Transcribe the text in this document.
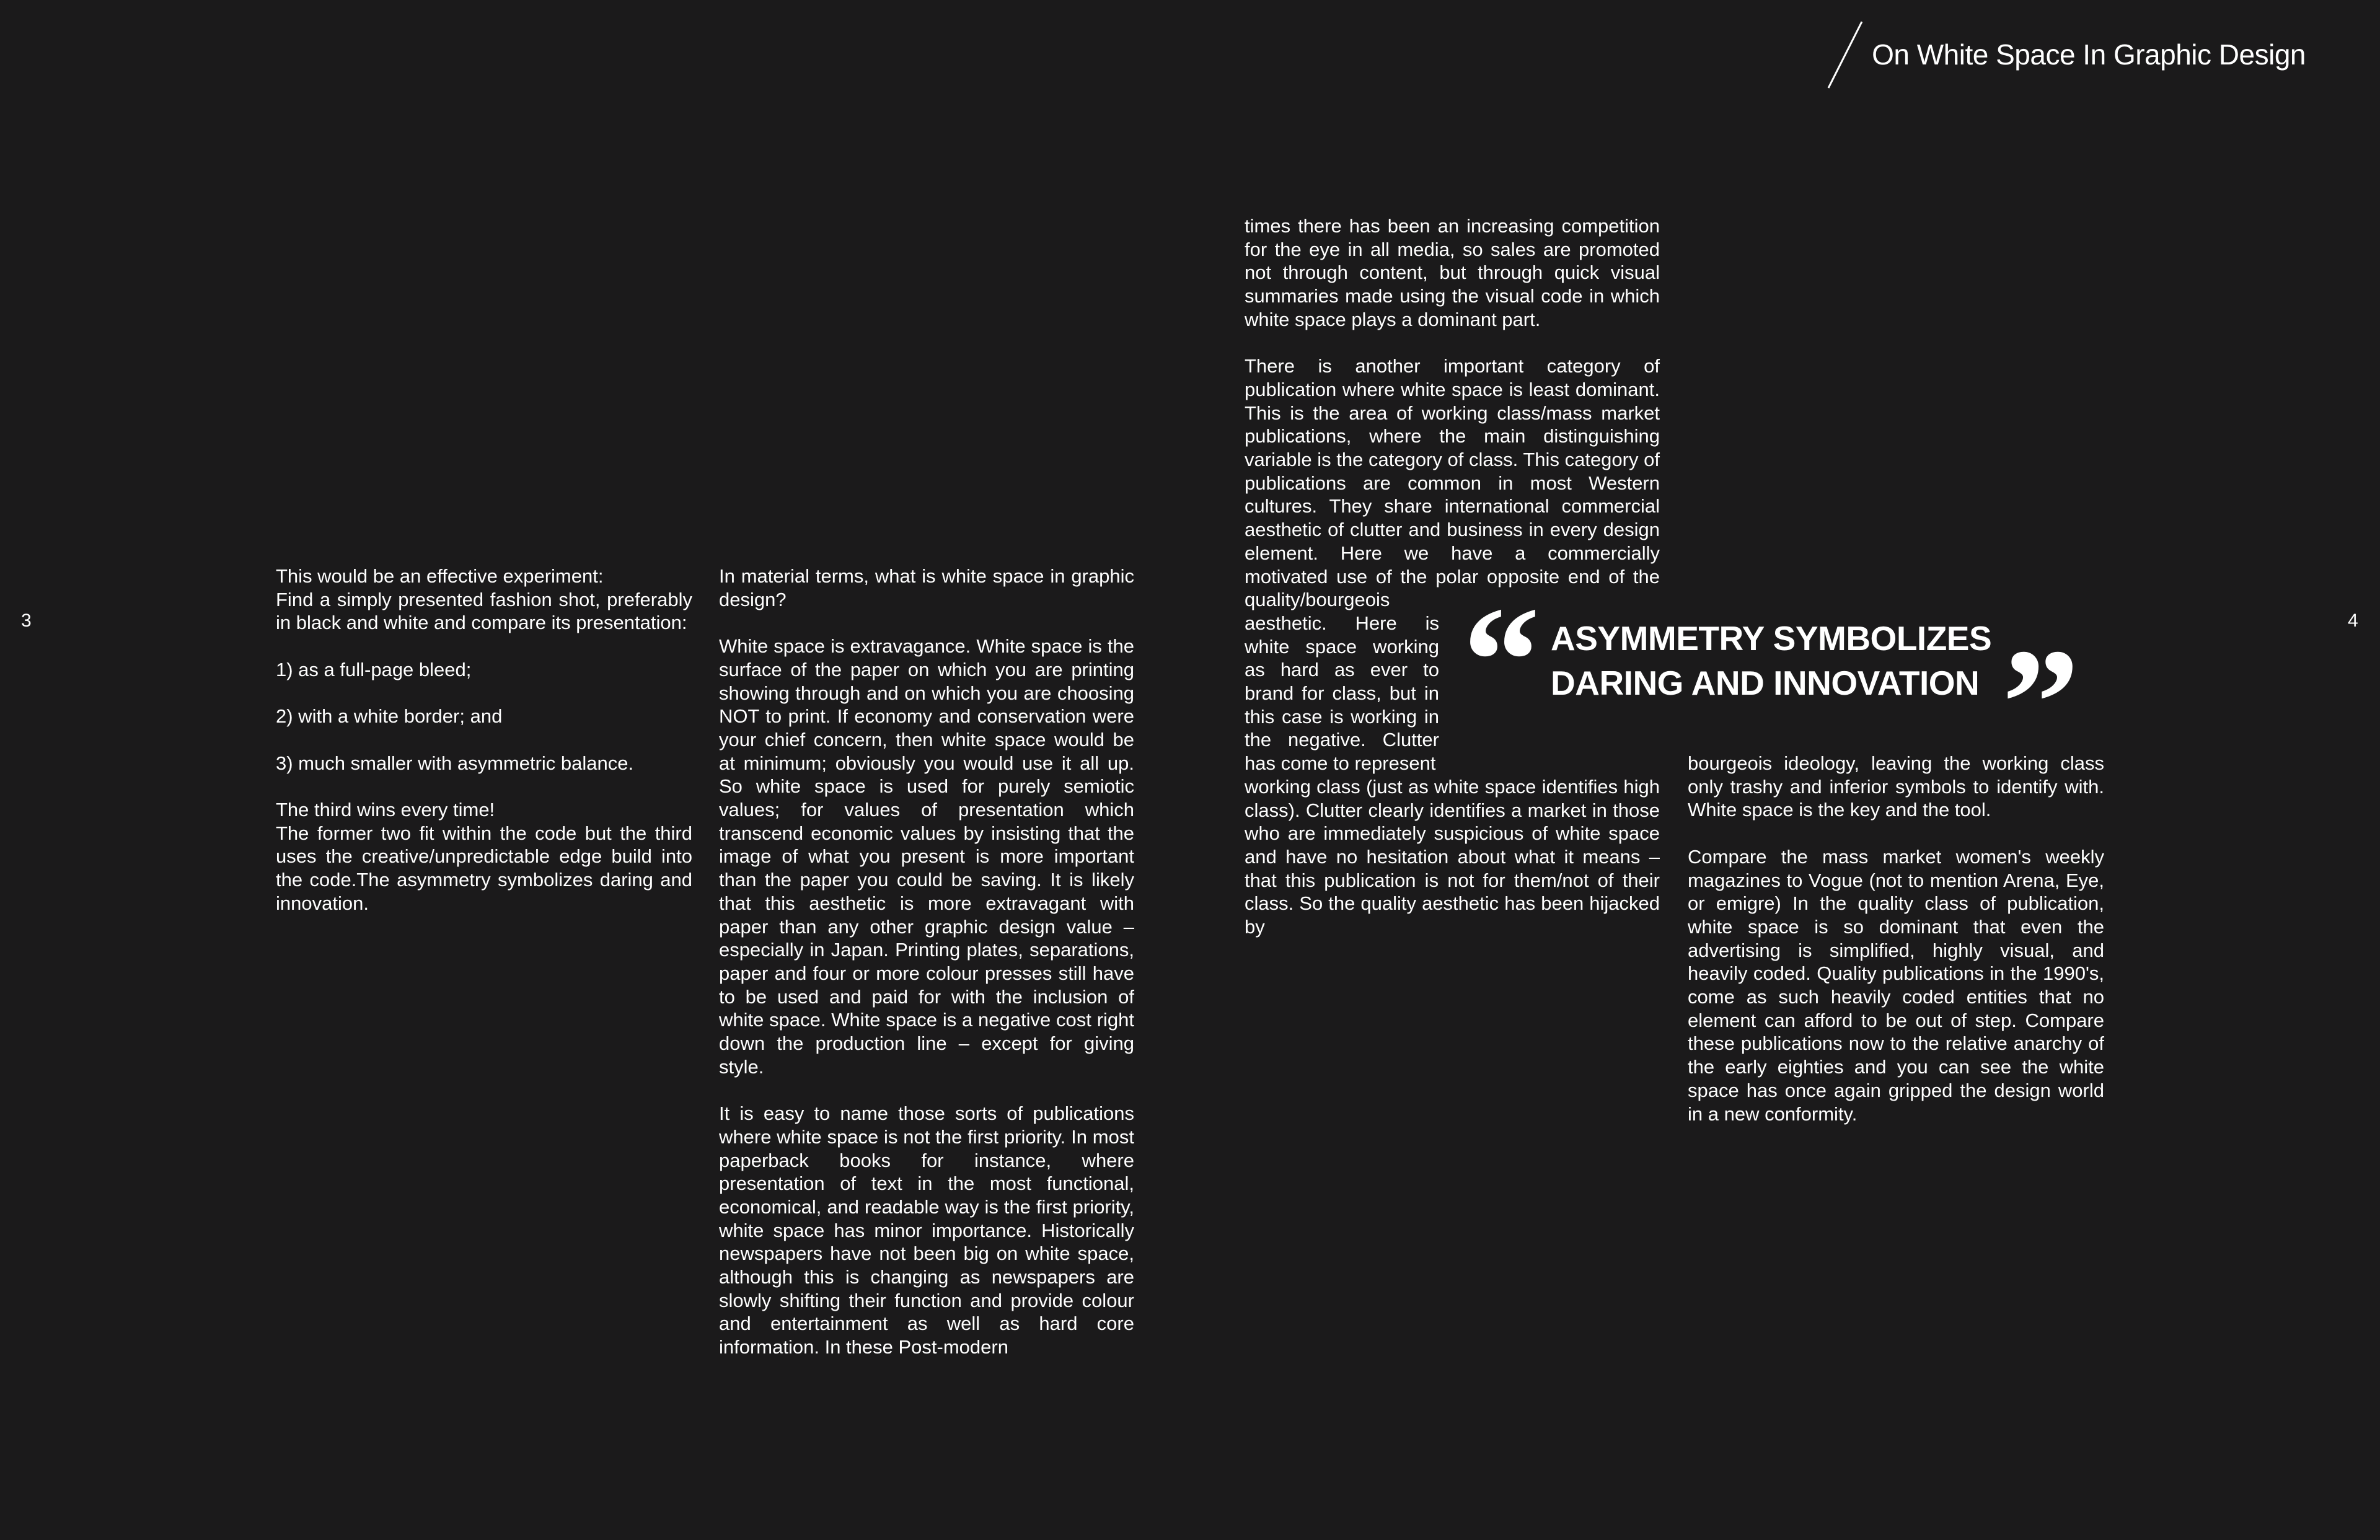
On White Space In Graphic Design
3	4

This would be an effective experiment:
Find a simply presented fashion shot, preferably in black and white and compare its presentation:

1) as a full-page bleed;

2) with a white border; and

3) much smaller with asymmetric balance.

The third wins every time!
The former two fit within the code but the third uses the creative/unpredictable edge build into the code.The asymmetry symbolizes daring and innovation.

In material terms, what is white space in graphic design?

White space is extravagance. White space is the surface of the paper on which you are printing showing through and on which you are choosing NOT to print. If economy and conservation were your chief concern, then white space would be at minimum; obviously you would use it all up. So white space is used for purely semiotic values; for values of presentation which transcend economic values by insisting that the image of what you present is more important than the paper you could be saving. It is likely that this aesthetic is more extravagant with paper than any other graphic design value – especially in Japan. Printing plates, separations, paper and four or more colour presses still have to be used and paid for with the inclusion of white space. White space is a negative cost right down the production line – except for giving style.

It is easy to name those sorts of publications where white space is not the first priority. In most paperback books for instance, where presentation of text in the most functional, economical, and readable way is the first priority, white space has minor importance. Historically newspapers have not been big on white space, although this is changing as newspapers are slowly shifting their function and provide colour and entertainment as well as hard core information. In these Post-modern

times there has been an increasing competition for the eye in all media, so sales are promoted not through content, but through quick visual summaries made using the visual code in which white space plays a dominant part.

There is another important category of publication where white space is least dominant. This is the area of working class/mass market publications, where the main distinguishing variable is the category of class. This category of publications are common in most Western cultures. They share international commercial aesthetic of clutter and business in every design element. Here we have a commercially motivated use of the polar opposite end of the quality/bourgeois

aesthetic. Here is

white space working

as hard as ever to

brand for class, but in

this case is working in

the negative. Clutter

has come to represent

working class (just as white space identifies high class). Clutter clearly identifies a market in those who are immediately suspicious of white space and have no hesitation about what it means – that this publication is not for them/not of their class. So the quality aesthetic has been hijacked by

bourgeois ideology, leaving the working class only trashy and inferior symbols to identify with. White space is the key and the tool.

Compare the mass market women's weekly magazines to Vogue (not to mention Arena, Eye, or emigre) In the quality class of publication, white space is so dominant that even the advertising is simplified, highly visual, and heavily coded. Quality publications in the 1990's, come as such heavily coded entities that no element can afford to be out of step. Compare these publications now to the relative anarchy of the early eighties and you can see the white space has once again gripped the design world in a new conformity.

“ ASYMMETRY SYMBOLIZES
DARING AND INNOVATION ”
